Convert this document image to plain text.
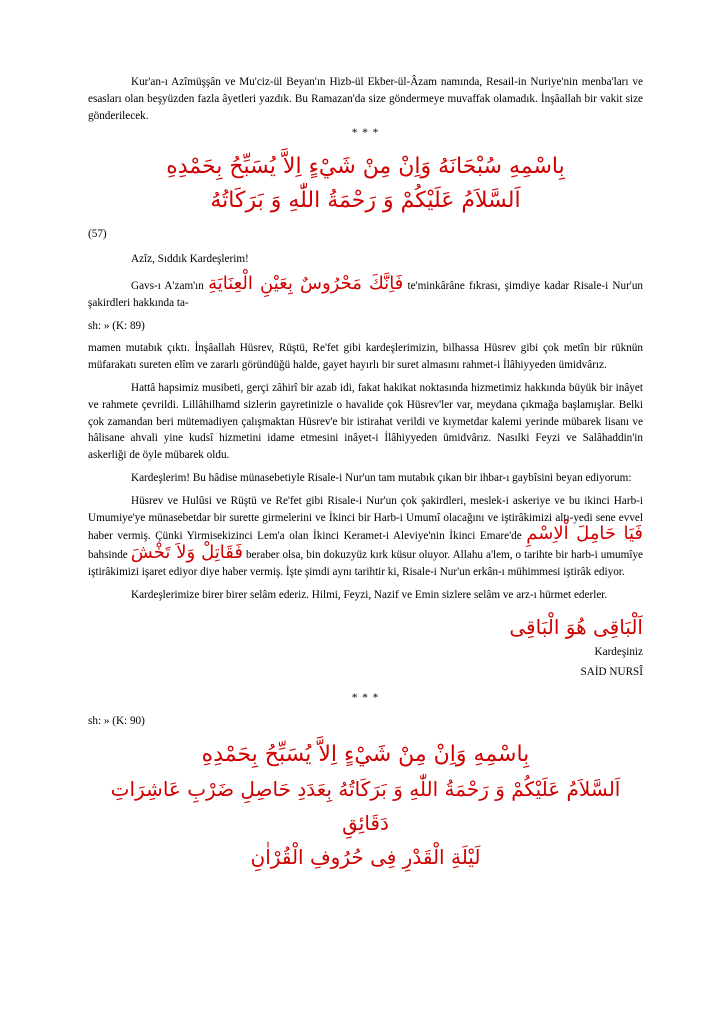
Kur'an-ı Azîmüşşân ve Mu'ciz-ül Beyan'ın Hizb-ül Ekber-ül-Âzam namında, Resail-in Nuriye'nin menba'ları ve esasları olan beşyüzden fazla âyetleri yazdık. Bu Ramazan'da size göndermeye muvaffak olamadık. İnşâallah bir vakit size gönderilecek.

* * *
بِاسْمِهِ سُبْحَانَهُ وَاِنْ مِنْ شَيْءٍ اِلاَّ يُسَبِّحُ بِحَمْدِهِ
اَلسَّلاَمُ عَلَيْكُمْ وَ رَحْمَةُ اللّٰهِ وَ بَرَكَاتُهُ

(57)

Azîz, Sıddık Kardeşlerim!

Gavs-ı A'zam'ın فَاِنَّكَ مَحْرُوسٌ بِعَيْنِ الْعِنَايَةِ te'minkârâne fıkrası, şimdiye kadar Risale-i Nur'un şakirdleri hakkında ta-

sh: » (K: 89)

mamen mutabık çıktı. İnşâallah Hüsrev, Rüştü, Re'fet gibi kardeşlerimizin, bilhassa Hüsrev gibi çok metîn bir rüknün müfarakatı sureten elîm ve zararlı göründüğü halde, gayet hayırlı bir suret almasını rahmet-i İlâhiyyeden ümidvârız.

Hattâ hapsimiz musibeti, gerçi zâhirî bir azab idi, fakat hakikat noktasında hizmetimiz hakkında büyük bir inâyet ve rahmete çevrildi. Lillâhilhamd sizlerin gayretinizle o havalide çok Hüsrev'ler var, meydana çıkmağa başlamışlar. Belki çok zamandan beri mütemadiyen çalışmaktan Hüsrev'e bir istirahat verildi ve kıymetdar kalemi yerinde mübarek lisanı ve hâlisane ahvali yine kudsî hizmetini idame etmesini inâyet-i İlâhiyyeden ümidvârız. Nasılki Feyzi ve Salâhaddin'in askerliği de öyle mübarek oldu.

Kardeşlerim! Bu hâdise münasebetiyle Risale-i Nur'un tam mutabık çıkan bir ihbar-ı gaybîsini beyan ediyorum:

Hüsrev ve Hulûsi ve Rüştü ve Re'fet gibi Risale-i Nur'un çok şakirdleri, meslek-i askeriye ve bu ikinci Harb-i Umumiye'ye münasebetdar bir surette girmelerini ve İkinci bir Harb-i Umumî olacağını ve iştirâkimizi altı-yedi sene evvel haber vermiş. Çünki Yirmisekizinci Lem'a olan İkinci Keramet-i Aleviye'nin İkinci Emare'de فَيَا حَامِلَ اْلاِسْمِ bahsinde فَقَاتِلْ وَلاَ تَخْشَ beraber olsa, bin dokuzyüz kırk küsur oluyor. Allahu a'lem, o tarihte bir harb-i umumîye iştirâkimizi işaret ediyor diye haber vermiş. İşte şimdi aynı tarihtir ki, Risale-i Nur'un erkân-ı mühimmesi iştirâk ediyor.

Kardeşlerimize birer birer selâm ederiz. Hilmi, Feyzi, Nazif ve Emin sizlere selâm ve arz-ı hürmet ederler.

اَلْبَاقِى هُوَ الْبَاقِى

Kardeşiniz

SAİD NURSÎ

* * *

sh: » (K: 90)

بِاسْمِهِ وَاِنْ مِنْ شَيْءٍ اِلاَّ يُسَبِّحُ بِحَمْدِهِ
اَلسَّلاَمُ عَلَيْكُمْ وَ رَحْمَةُ اللّٰهِ وَ بَرَكَاتُهُ بِعَدَدِ حَاصِلِ ضَرْبِ عَاشِرَاتِ دَقَائِقِ
لَيْلَةِ الْقَدْرِ فِى حُرُوفِ الْقُرْاٰنِ
